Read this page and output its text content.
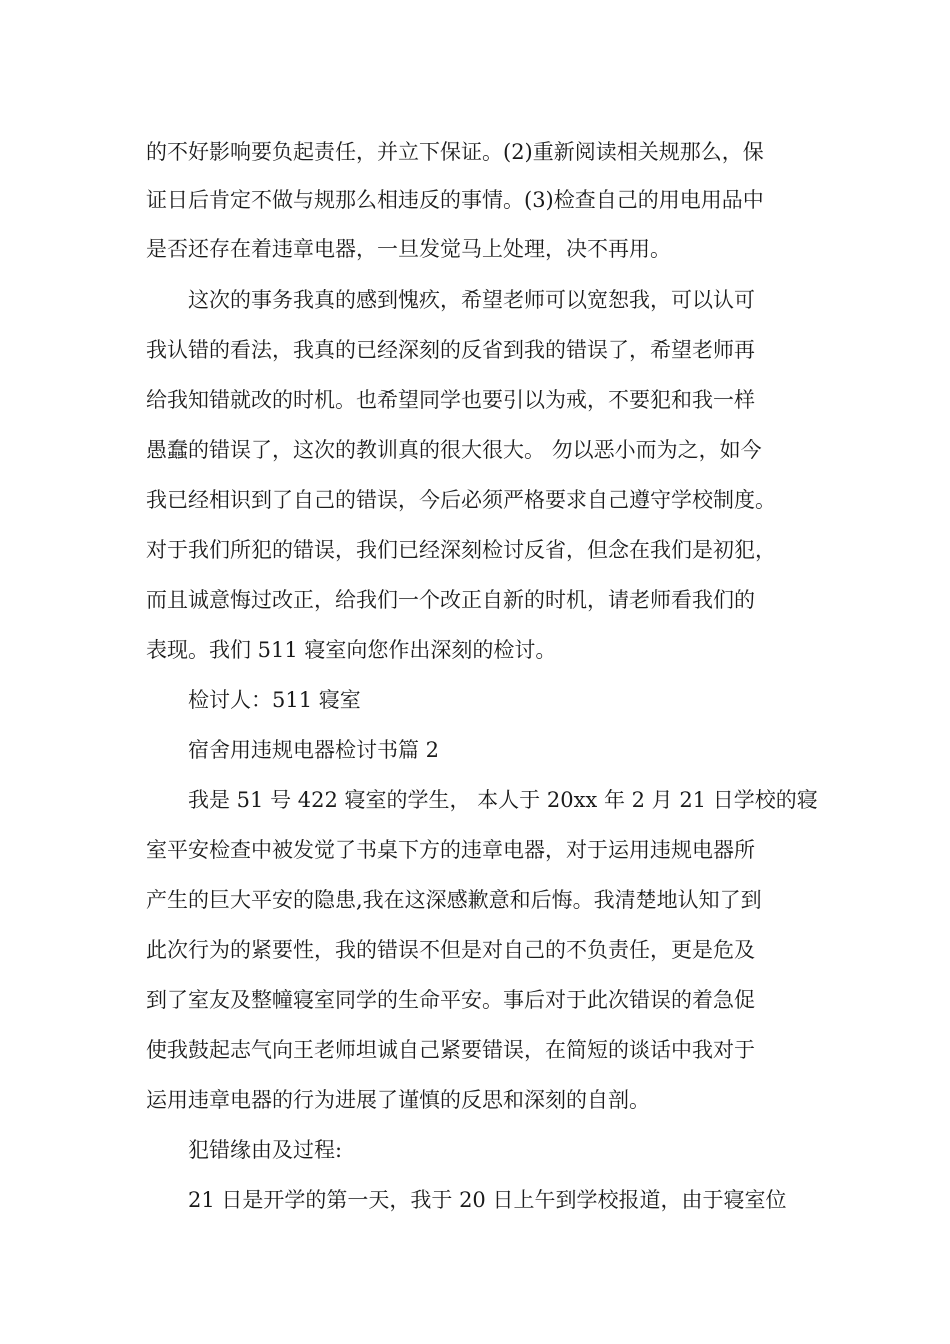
的不好影响要负起责任，并立下保证。(2)重新阅读相关规那么，保
证日后肯定不做与规那么相违反的事情。(3)检查自己的用电用品中
是否还存在着违章电器，一旦发觉马上处理，决不再用。
这次的事务我真的感到愧疚，希望老师可以宽恕我，可以认可
我认错的看法，我真的已经深刻的反省到我的错误了，希望老师再
给我知错就改的时机。也希望同学也要引以为戒，不要犯和我一样
愚蠢的错误了，这次的教训真的很大很大。 勿以恶小而为之，如今
我已经相识到了自己的错误，今后必须严格要求自己遵守学校制度。
对于我们所犯的错误，我们已经深刻检讨反省，但念在我们是初犯，
而且诚意悔过改正，给我们一个改正自新的时机，请老师看我们的
表现。我们 511 寝室向您作出深刻的检讨。
检讨人：511 寝室
宿舍用违规电器检讨书篇 2
我是 51 号 422 寝室的学生， 本人于 20xx 年 2 月 21 日学校的寝
室平安检查中被发觉了书桌下方的违章电器，对于运用违规电器所
产生的巨大平安的隐患,我在这深感歉意和后悔。我清楚地认知了到
此次行为的紧要性，我的错误不但是对自己的不负责任，更是危及
到了室友及整幢寝室同学的生命平安。事后对于此次错误的着急促
使我鼓起志气向王老师坦诚自己紧要错误，在简短的谈话中我对于
运用违章电器的行为进展了谨慎的反思和深刻的自剖。
犯错缘由及过程:
21 日是开学的第一天，我于 20 日上午到学校报道，由于寝室位
